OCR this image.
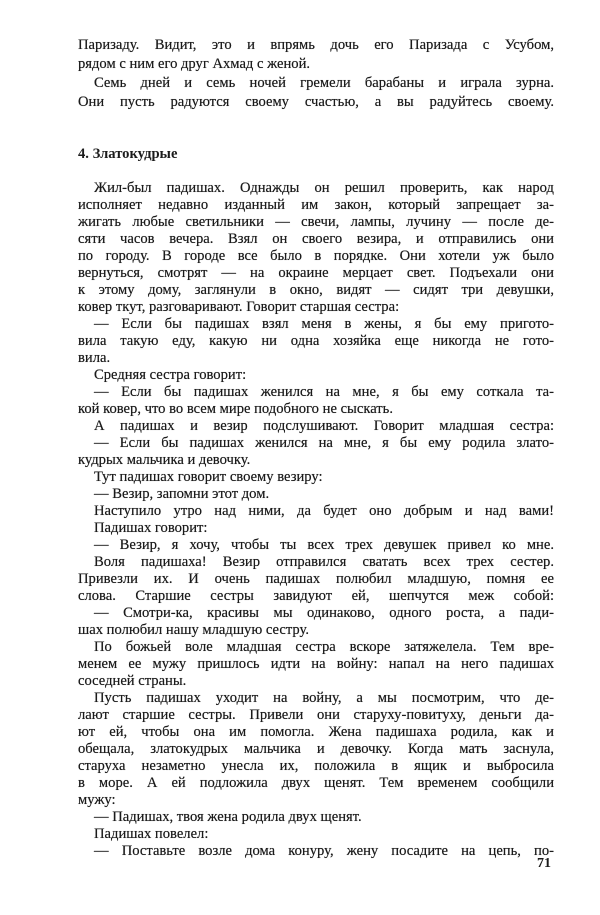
Паризаду. Видит, это и впрямь дочь его Паризада с Усубом,
рядом с ним его друг Ахмад с женой.
Семь дней и семь ночей гремели барабаны и играла зурна.
Они пусть радуются своему счастью, а вы радуйтесь своему.
4. Златокудрые
Жил-был падишах. Однажды он решил проверить, как народ
исполняет недавно изданный им закон, который запрещает за-
жигать любые светильники — свечи, лампы, лучину — после де-
сяти часов вечера. Взял он своего везира, и отправились они
по городу. В городе все было в порядке. Они хотели уж было
вернуться, смотрят — на окраине мерцает свет. Подъехали они
к этому дому, заглянули в окно, видят — сидят три девушки,
ковер ткут, разговаривают. Говорит старшая сестра:
— Если бы падишах взял меня в жены, я бы ему пригото-
вила такую еду, какую ни одна хозяйка еще никогда не гото-
вила.
Средняя сестра говорит:
— Если бы падишах женился на мне, я бы ему соткала та-
кой ковер, что во всем мире подобного не сыскать.
А падишах и везир подслушивают. Говорит младшая сестра:
— Если бы падишах женился на мне, я бы ему родила злато-
кудрых мальчика и девочку.
Тут падишах говорит своему везиру:
— Везир, запомни этот дом.
Наступило утро над ними, да будет оно добрым и над вами!
Падишах говорит:
— Везир, я хочу, чтобы ты всех трех девушек привел ко мне.
Воля падишаха! Везир отправился сватать всех трех сестер.
Привезли их. И очень падишах полюбил младшую, помня ее
слова. Старшие сестры завидуют ей, шепчутся меж собой:
— Смотри-ка, красивы мы одинаково, одного роста, а пади-
шах полюбил нашу младшую сестру.
По божьей воле младшая сестра вскоре затяжелела. Тем вре-
менем ее мужу пришлось идти на войну: напал на него падишах
соседней страны.
Пусть падишах уходит на войну, а мы посмотрим, что де-
лают старшие сестры. Привели они старуху-повитуху, деньги да-
ют ей, чтобы она им помогла. Жена падишаха родила, как и
обещала, златокудрых мальчика и девочку. Когда мать заснула,
старуха незаметно унесла их, положила в ящик и выбросила
в море. А ей подложила двух щенят. Тем временем сообщили
мужу:
— Падишах, твоя жена родила двух щенят.
Падишах повелел:
— Поставьте возле дома конуру, жену посадите на цепь, по-
71
